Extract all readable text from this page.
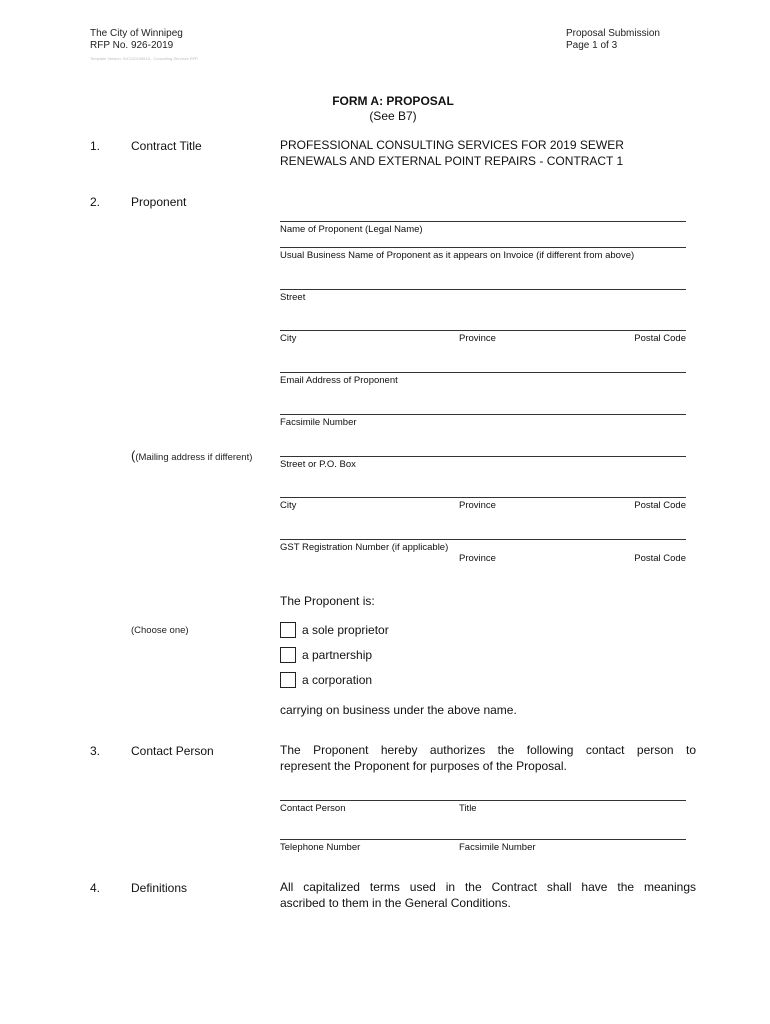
The City of Winnipeg
RFP No. 926-2019
Template Version: SrC120190515 - Consulting Services RFP
Proposal Submission
Page 1 of 3
FORM A: PROPOSAL
(See B7)
1.	Contract Title	PROFESSIONAL CONSULTING SERVICES FOR 2019 SEWER
RENEWALS AND EXTERNAL POINT REPAIRS - CONTRACT 1
2.	Proponent
Name of Proponent (Legal Name)
Usual Business Name of Proponent as it appears on Invoice (if different from above)
Street
City	Province	Postal Code
Email Address of Proponent
Facsimile Number
((Mailing address if different)
Street or P.O. Box
City	Province	Postal Code
GST Registration Number (if applicable)
Province	Postal Code
The Proponent is:
(Choose one)	a sole proprietor
a partnership
a corporation
carrying on business under the above name.
3.	Contact Person	The Proponent hereby authorizes the following contact person to
represent the Proponent for purposes of the Proposal.
Contact Person	Title
Telephone Number	Facsimile Number
4.	Definitions	All capitalized terms used in the Contract shall have the meanings
ascribed to them in the General Conditions.
